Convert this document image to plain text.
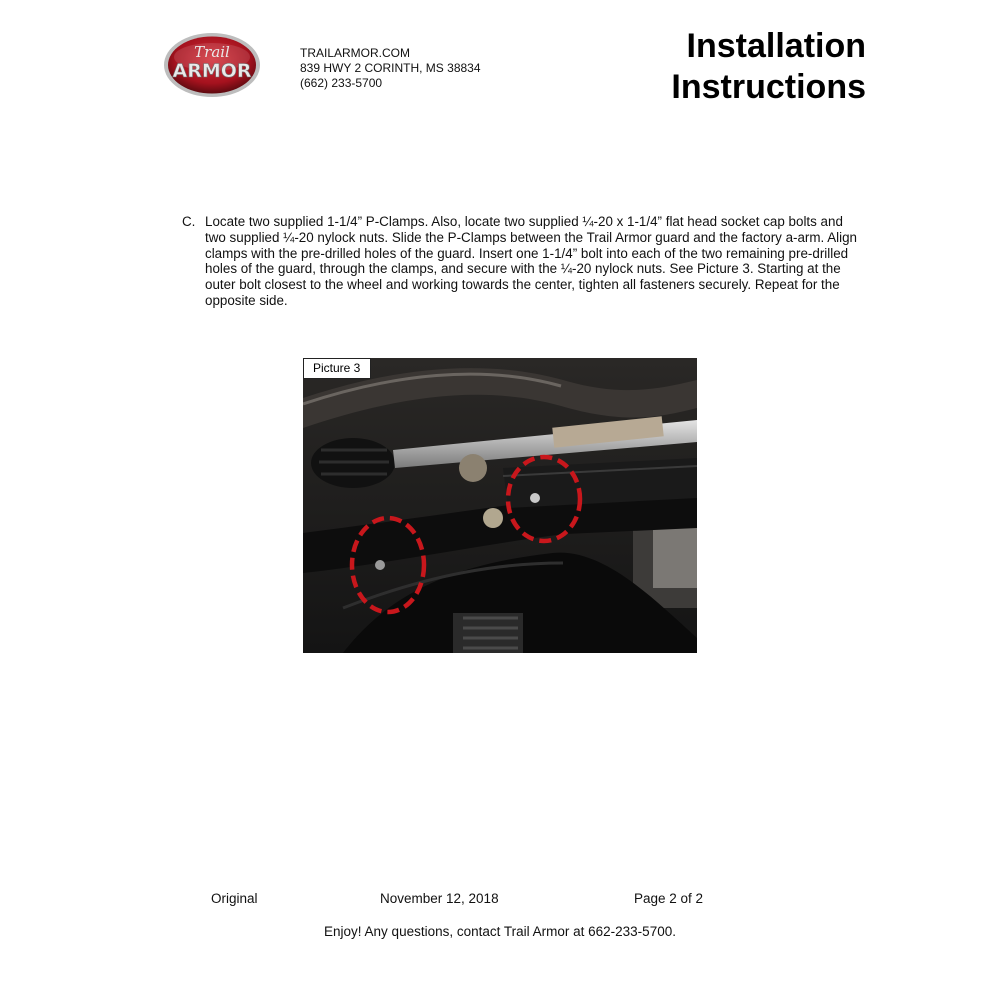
Trail
ARMOR
TRAILARMOR.COM
839 HWY 2 CORINTH, MS 38834
(662) 233-5700
Installation
Instructions
C. Locate two supplied 1-1/4” P-Clamps. Also, locate two supplied ¼-20 x 1-1/4” flat head socket cap bolts and two supplied ¼-20 nylock nuts. Slide the P-Clamps between the Trail Armor guard and the factory a-arm. Align clamps with the pre-drilled holes of the guard. Insert one 1-1/4” bolt into each of the two remaining pre-drilled holes of the guard, through the clamps, and secure with the ¼-20 nylock nuts. See Picture 3. Starting at the outer bolt closest to the wheel and working towards the center, tighten all fasteners securely. Repeat for the opposite side.
Picture 3
Original	November 12, 2018	Page 2 of 2
Enjoy! Any questions, contact Trail Armor at 662-233-5700.
